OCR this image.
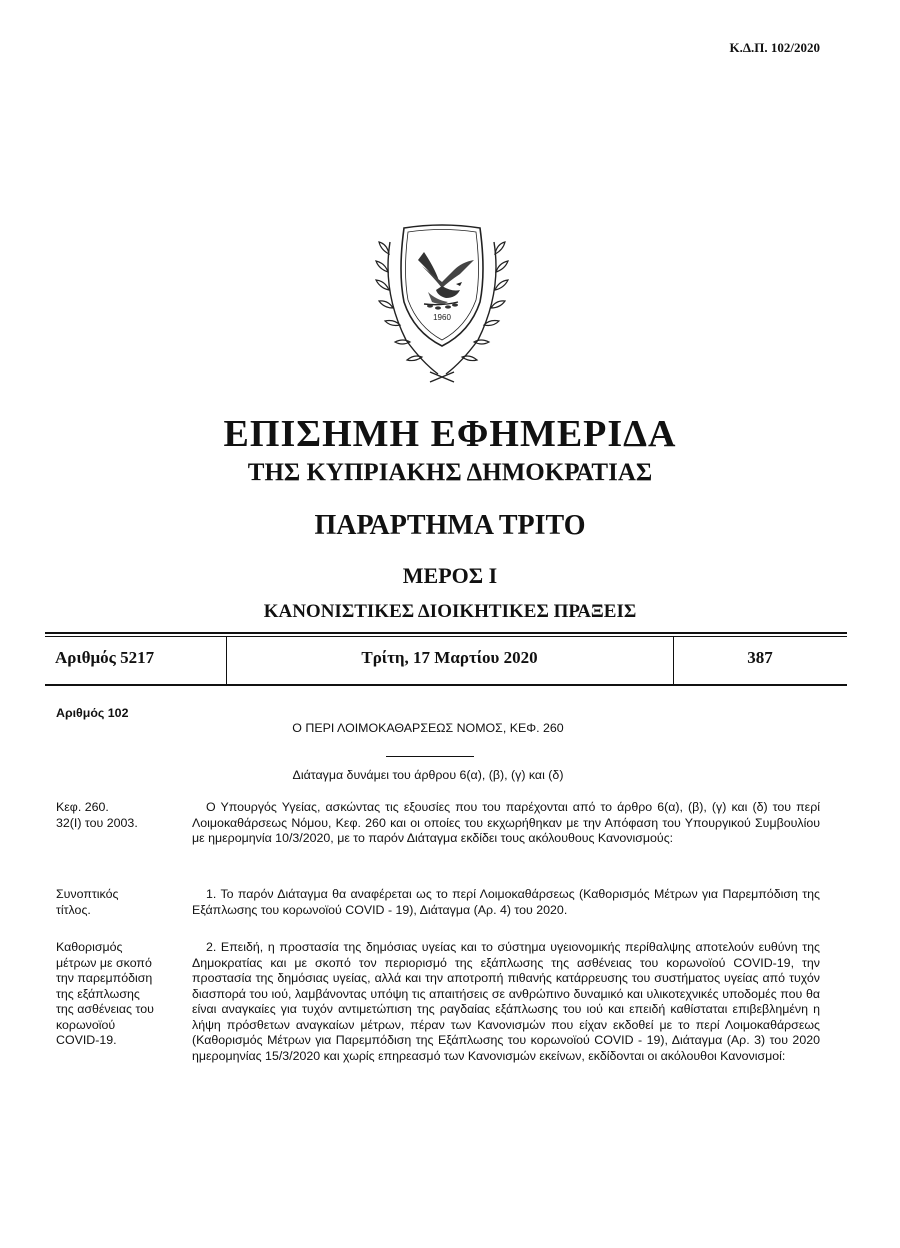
Κ.Δ.Π. 102/2020
1960
ΕΠΙΣΗΜΗ ΕΦΗΜΕΡΙΔΑ
ΤΗΣ ΚΥΠΡΙΑΚΗΣ ΔΗΜΟΚΡΑΤΙΑΣ
ΠΑΡΑΡΤΗΜΑ ΤΡΙΤΟ
ΜΕΡΟΣ Ι
ΚΑΝΟΝΙΣΤΙΚΕΣ ΔΙΟΙΚΗΤΙΚΕΣ ΠΡΑΞΕΙΣ
Αριθμός 5217	Τρίτη, 17 Μαρτίου 2020	387
Αριθμός 102
Ο ΠΕΡΙ ΛΟΙΜΟΚΑΘΑΡΣΕΩΣ ΝΟΜΟΣ, ΚΕΦ. 260
Διάταγμα δυνάμει του άρθρου 6(α), (β), (γ) και (δ)
Κεφ. 260.
32(Ι) του 2003.
Ο Υπουργός Υγείας, ασκώντας τις εξουσίες που του παρέχονται από το άρθρο 6(α), (β), (γ) και (δ) του περί Λοιμοκαθάρσεως Νόμου, Κεφ. 260 και οι οποίες του εκχωρήθηκαν με την Απόφαση του Υπουργικού Συμβουλίου με ημερομηνία 10/3/2020, με το παρόν Διάταγμα εκδίδει τους ακόλουθους Κανονισμούς:
Συνοπτικός
τίτλος.
1. Το παρόν Διάταγμα θα αναφέρεται ως το περί Λοιμοκαθάρσεως (Καθορισμός Μέτρων για Παρεμπόδιση της Εξάπλωσης του κορωνοϊού COVID - 19), Διάταγμα (Αρ. 4) του 2020.
Καθορισμός
μέτρων με σκοπό
την παρεμπόδιση
της εξάπλωσης
της ασθένειας του
κορωνοϊού
COVID-19.
2. Επειδή, η προστασία της δημόσιας υγείας και το σύστημα υγειονομικής περίθαλψης αποτελούν ευθύνη της Δημοκρατίας και με σκοπό τον περιορισμό της εξάπλωσης της ασθένειας του κορωνοϊού COVID-19, την προστασία της δημόσιας υγείας, αλλά και την αποτροπή πιθανής κατάρρευσης του συστήματος υγείας από τυχόν διασπορά του ιού, λαμβάνοντας υπόψη τις απαιτήσεις σε ανθρώπινο δυναμικό και υλικοτεχνικές υποδομές που θα είναι αναγκαίες για τυχόν αντιμετώπιση της ραγδαίας εξάπλωσης του ιού και επειδή καθίσταται επιβεβλημένη η λήψη πρόσθετων αναγκαίων μέτρων, πέραν των Κανονισμών που είχαν εκδοθεί με το περί Λοιμοκαθάρσεως (Καθορισμός Μέτρων για Παρεμπόδιση της Εξάπλωσης του κορωνοϊού COVID - 19), Διάταγμα (Αρ. 3) του 2020 ημερομηνίας 15/3/2020 και χωρίς επηρεασμό των Κανονισμών εκείνων, εκδίδονται οι ακόλουθοι Κανονισμοί:
